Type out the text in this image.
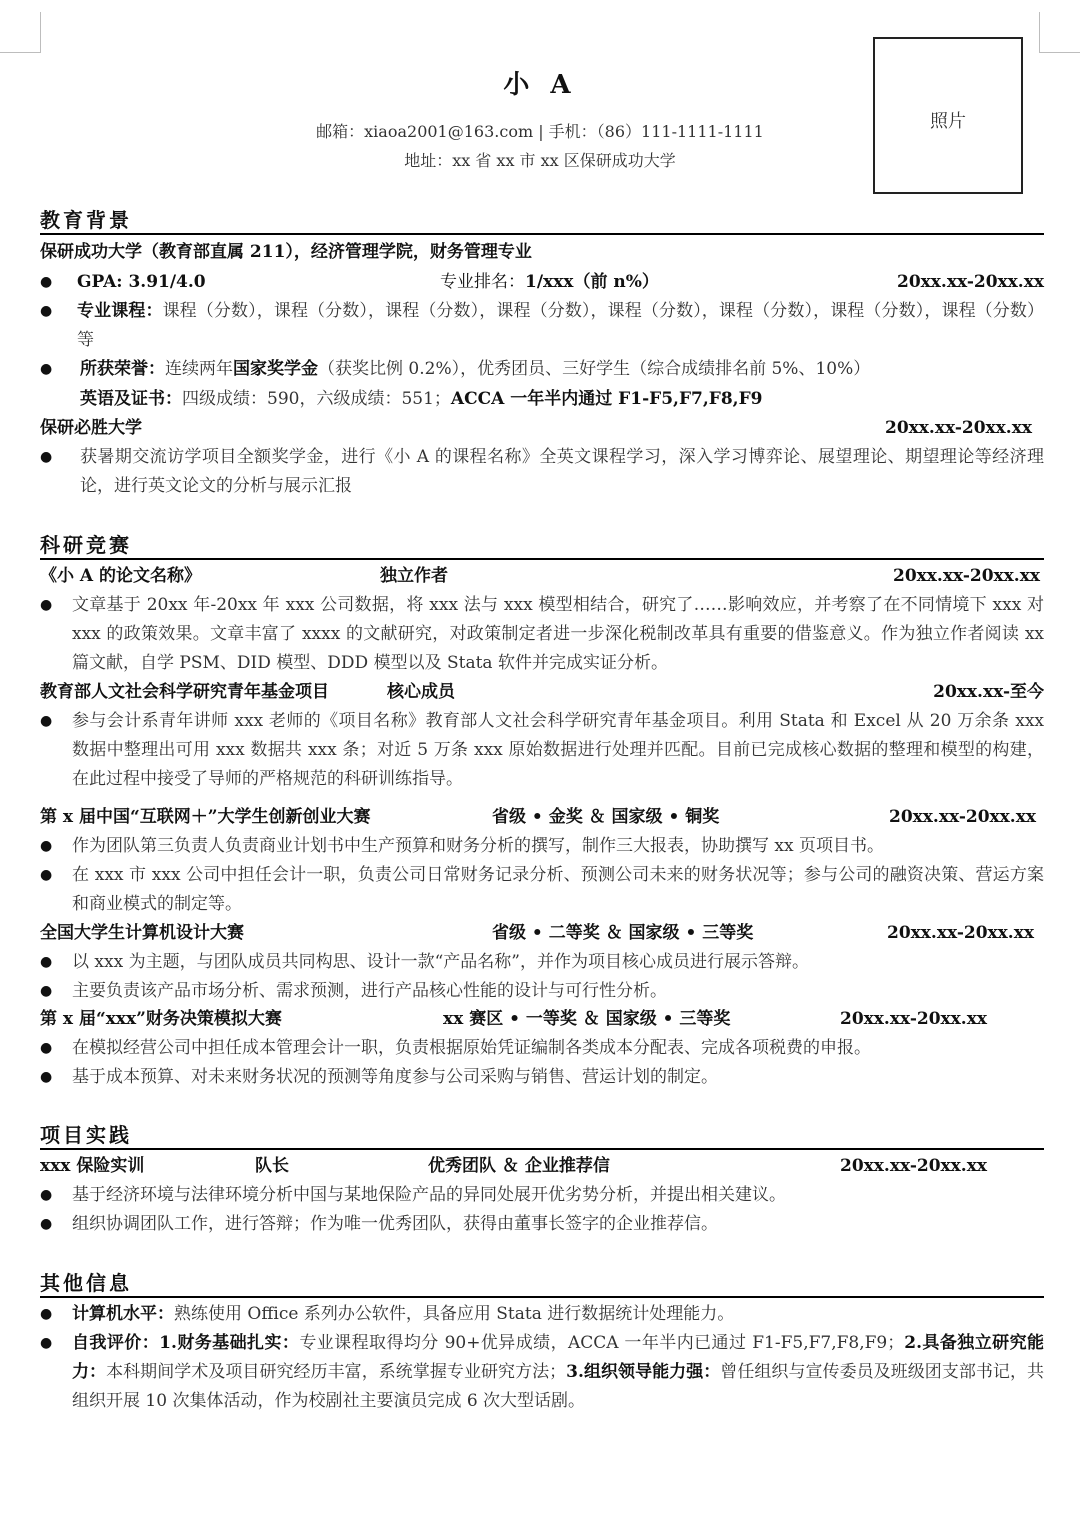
小 A
邮箱：xiaoa2001@163.com | 手机：（86）111-1111-1111
地址：xx 省 xx 市 xx 区保研成功大学
照片
教育背景
保研成功大学（教育部直属 211），经济管理学院，财务管理专业
● GPA: 3.91/4.0	专业排名：1/xxx（前 n%）	20xx.xx-20xx.xx
● 专业课程：课程（分数），课程（分数），课程（分数），课程（分数），课程（分数），课程（分数），课程（分数），课程（分数）等
● 所获荣誉：连续两年国家奖学金（获奖比例 0.2%），优秀团员、三好学生（综合成绩排名前 5%、10%）
英语及证书：四级成绩：590，六级成绩：551；ACCA 一年半内通过 F1-F5,F7,F8,F9
保研必胜大学	20xx.xx-20xx.xx
● 获暑期交流访学项目全额奖学金，进行《小 A 的课程名称》全英文课程学习，深入学习博弈论、展望理论、期望理论等经济理论，进行英文论文的分析与展示汇报
科研竞赛
《小 A 的论文名称》	独立作者	20xx.xx-20xx.xx
● 文章基于 20xx 年-20xx 年 xxx 公司数据，将 xxx 法与 xxx 模型相结合，研究了……影响效应，并考察了在不同情境下 xxx 对 xxx 的政策效果。文章丰富了 xxxx 的文献研究，对政策制定者进一步深化税制改革具有重要的借鉴意义。作为独立作者阅读 xx 篇文献，自学 PSM、DID 模型、DDD 模型以及 Stata 软件并完成实证分析。
教育部人文社会科学研究青年基金项目	核心成员	20xx.xx-至今
● 参与会计系青年讲师 xxx 老师的《项目名称》教育部人文社会科学研究青年基金项目。利用 Stata 和 Excel 从 20 万余条 xxx 数据中整理出可用 xxx 数据共 xxx 条；对近 5 万条 xxx 原始数据进行处理并匹配。目前已完成核心数据的整理和模型的构建，在此过程中接受了导师的严格规范的科研训练指导。
第 x 届中国“互联网＋”大学生创新创业大赛	省级 • 金奖 ＆ 国家级 • 铜奖	20xx.xx-20xx.xx
● 作为团队第三负责人负责商业计划书中生产预算和财务分析的撰写，制作三大报表，协助撰写 xx 页项目书。
● 在 xxx 市 xxx 公司中担任会计一职，负责公司日常财务记录分析、预测公司未来的财务状况等；参与公司的融资决策、营运方案和商业模式的制定等。
全国大学生计算机设计大赛	省级 • 二等奖 ＆ 国家级 • 三等奖	20xx.xx-20xx.xx
● 以 xxx 为主题，与团队成员共同构思、设计一款“产品名称”，并作为项目核心成员进行展示答辩。
● 主要负责该产品市场分析、需求预测，进行产品核心性能的设计与可行性分析。
第 x 届“xxx”财务决策模拟大赛	xx 赛区 • 一等奖 ＆ 国家级 • 三等奖	20xx.xx-20xx.xx
● 在模拟经营公司中担任成本管理会计一职，负责根据原始凭证编制各类成本分配表、完成各项税费的申报。
● 基于成本预算、对未来财务状况的预测等角度参与公司采购与销售、营运计划的制定。
项目实践
xxx 保险实训	队长	优秀团队 ＆ 企业推荐信	20xx.xx-20xx.xx
● 基于经济环境与法律环境分析中国与某地保险产品的异同处展开优劣势分析，并提出相关建议。
● 组织协调团队工作，进行答辩；作为唯一优秀团队，获得由董事长签字的企业推荐信。
其他信息
● 计算机水平：熟练使用 Office 系列办公软件，具备应用 Stata 进行数据统计处理能力。
● 自我评价：1.财务基础扎实：专业课程取得均分 90+优异成绩，ACCA 一年半内已通过 F1-F5,F7,F8,F9；2.具备独立研究能力：本科期间学术及项目研究经历丰富，系统掌握专业研究方法；3.组织领导能力强：曾任组织与宣传委员及班级团支部书记，共组织开展 10 次集体活动，作为校剧社主要演员完成 6 次大型话剧。
